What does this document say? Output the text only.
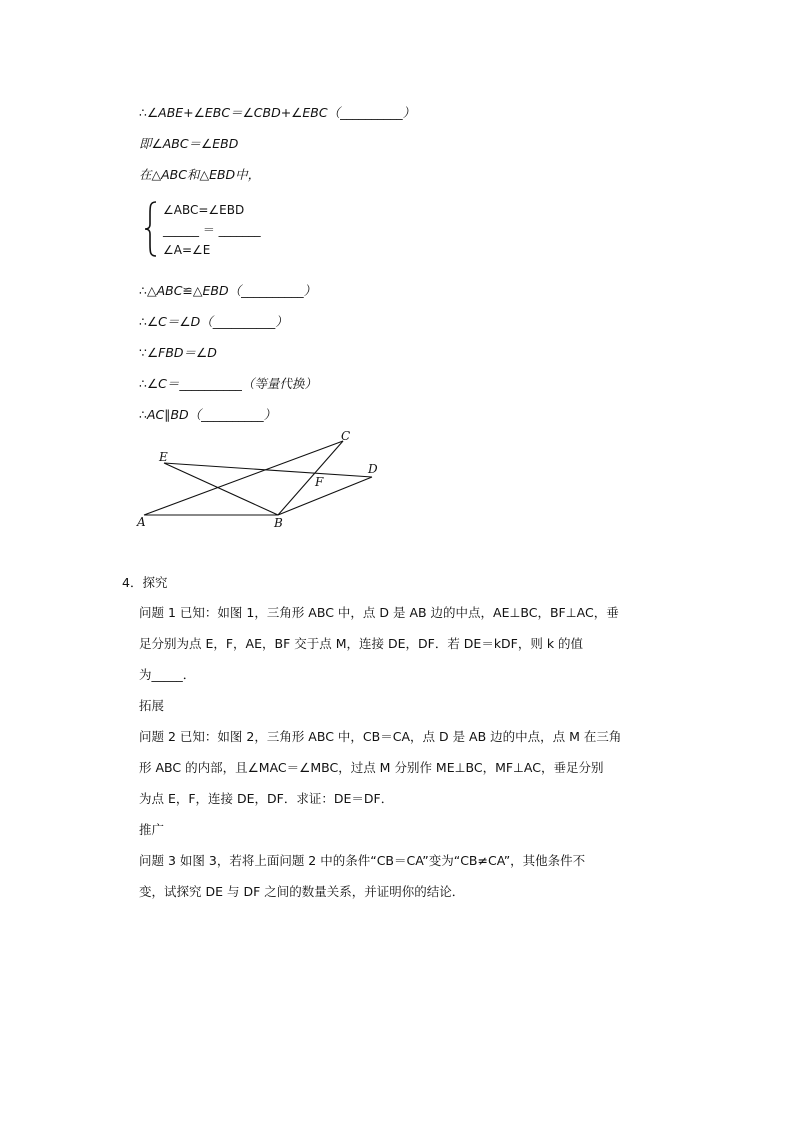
∴∠ABE+∠EBC＝∠CBD+∠EBC（__________）
即∠ABC＝∠EBD
在△ABC和△EBD中，
∠ABC=∠EBD
______ ＝ _______
∠A=∠E
∴△ABC≌△EBD（__________）
∴∠C＝∠D（__________）
∵∠FBD＝∠D
∴∠C＝__________（等量代换）
∴AC∥BD（__________）
A	B
C
D
E
F
4．探究
问题 1 已知：如图 1，三角形 ABC 中，点 D 是 AB 边的中点，AE⊥BC，BF⊥AC，垂
足分别为点 E，F，AE，BF 交于点 M，连接 DE，DF．若 DE＝kDF，则 k 的值
为_____．
拓展
问题 2 已知：如图 2，三角形 ABC 中，CB＝CA，点 D 是 AB 边的中点，点 M 在三角
形 ABC 的内部，且∠MAC＝∠MBC，过点 M 分别作 ME⊥BC，MF⊥AC，垂足分别
为点 E，F，连接 DE，DF．求证：DE＝DF．
推广
问题 3 如图 3，若将上面问题 2 中的条件“CB＝CA”变为“CB≠CA”，其他条件不
变，试探究 DE 与 DF 之间的数量关系，并证明你的结论．
